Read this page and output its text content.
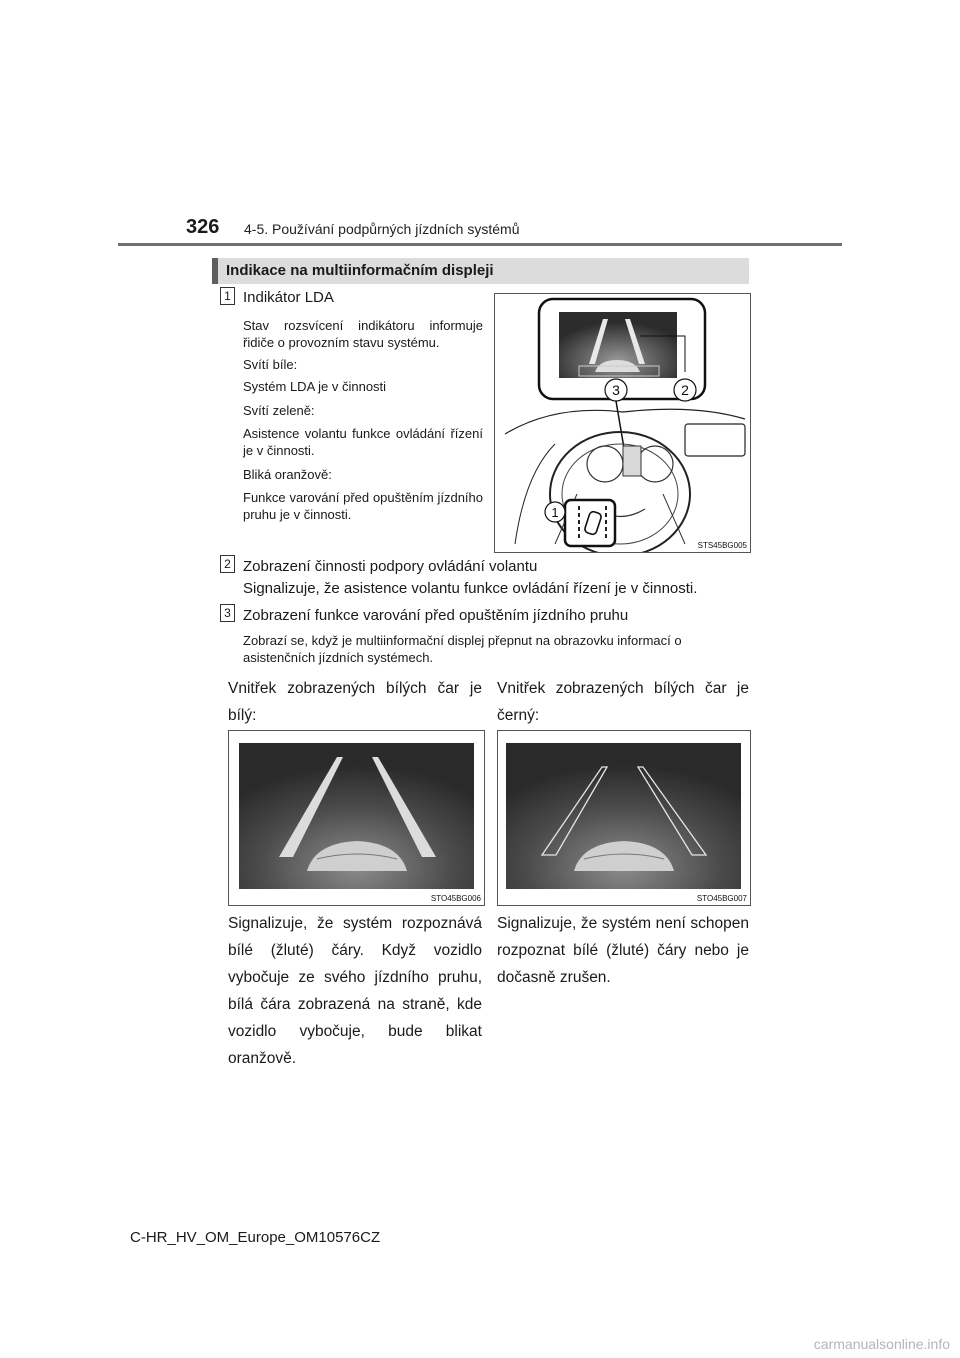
326 4-5. Používání podpůrných jízdních systémů
Indikace na multiinformačním displeji
1 Indikátor LDA
Stav rozsvícení indikátoru informuje řidiče o provozním stavu systému.
Svítí bíle:
Systém LDA je v činnosti
Svítí zeleně:
Asistence volantu funkce ovládání řízení je v činnosti.
Bliká oranžově:
Funkce varování před opuštěním jízdního pruhu je v činnosti.
3	2
1
STS45BG005
2 Zobrazení činnosti podpory ovládání volantu
Signalizuje, že asistence volantu funkce ovládání řízení je v činnosti.
3 Zobrazení funkce varování před opuštěním jízdního pruhu
Zobrazí se, když je multiinformační displej přepnut na obrazovku informací o asistenčních jízdních systémech.
Vnitřek zobrazených bílých čar je bílý:
Vnitřek zobrazených bílých čar je černý:
STO45BG006	STO45BG007
Signalizuje, že systém rozpoznává bílé (žluté) čáry. Když vozidlo vybočuje ze svého jízdního pruhu, bílá čára zobrazená na straně, kde vozidlo vybočuje, bude blikat oranžově.
Signalizuje, že systém není schopen rozpoznat bílé (žluté) čáry nebo je dočasně zrušen.
C-HR_HV_OM_Europe_OM10576CZ
carmanualsonline.info
